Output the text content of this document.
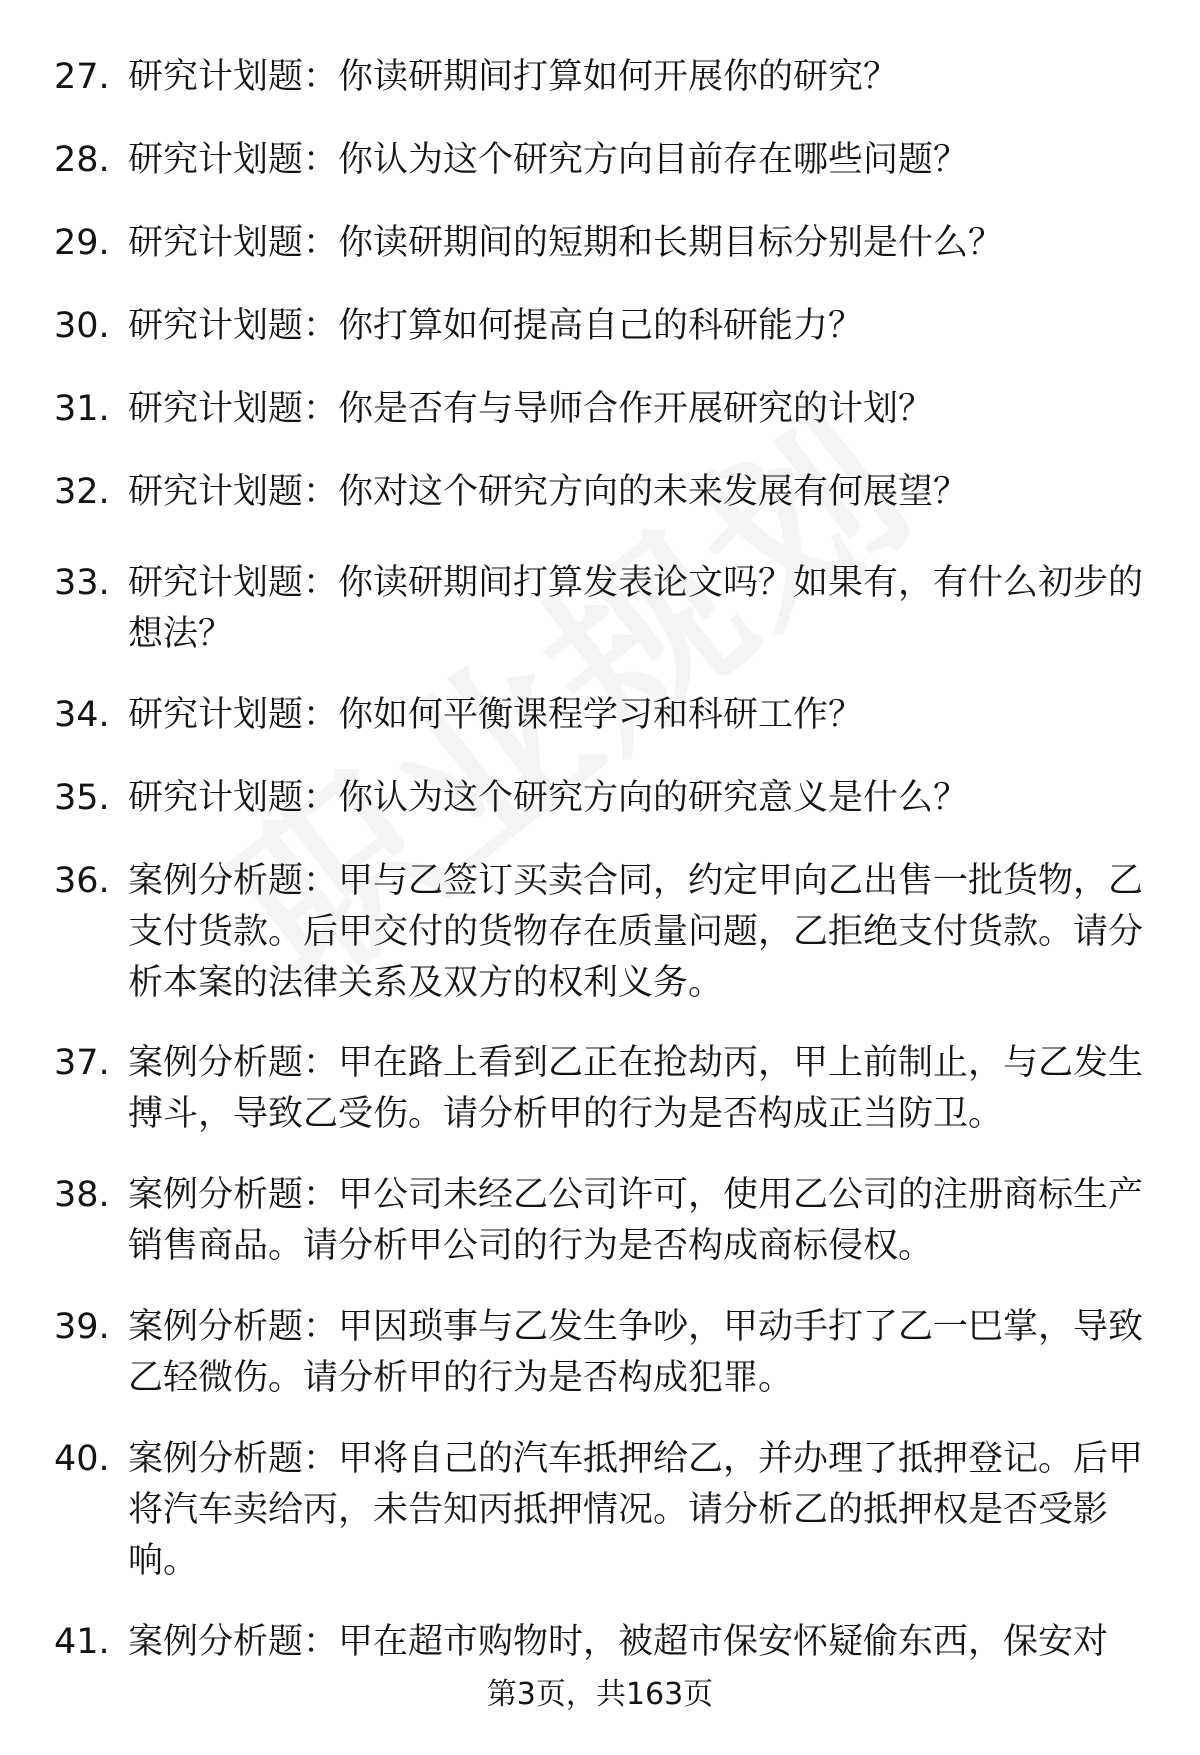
27. 研究计划题：你读研期间打算如何开展你的研究？
28. 研究计划题：你认为这个研究方向目前存在哪些问题？
29. 研究计划题：你读研期间的短期和长期目标分别是什么？
30. 研究计划题：你打算如何提高自己的科研能力？
31. 研究计划题：你是否有与导师合作开展研究的计划？
32. 研究计划题：你对这个研究方向的未来发展有何展望？
33. 研究计划题：你读研期间打算发表论文吗？如果有，有什么初步的想法？
34. 研究计划题：你如何平衡课程学习和科研工作？
35. 研究计划题：你认为这个研究方向的研究意义是什么？
36. 案例分析题：甲与乙签订买卖合同，约定甲向乙出售一批货物，乙支付货款。后甲交付的货物存在质量问题，乙拒绝支付货款。请分析本案的法律关系及双方的权利义务。
37. 案例分析题：甲在路上看到乙正在抢劫丙，甲上前制止，与乙发生搏斗，导致乙受伤。请分析甲的行为是否构成正当防卫。
38. 案例分析题：甲公司未经乙公司许可，使用乙公司的注册商标生产销售商品。请分析甲公司的行为是否构成商标侵权。
39. 案例分析题：甲因琐事与乙发生争吵，甲动手打了乙一巴掌，导致乙轻微伤。请分析甲的行为是否构成犯罪。
40. 案例分析题：甲将自己的汽车抵押给乙，并办理了抵押登记。后甲将汽车卖给丙，未告知丙抵押情况。请分析乙的抵押权是否受影响。
41. 案例分析题：甲在超市购物时，被超市保安怀疑偷东西，保安对
第3页，共163页
